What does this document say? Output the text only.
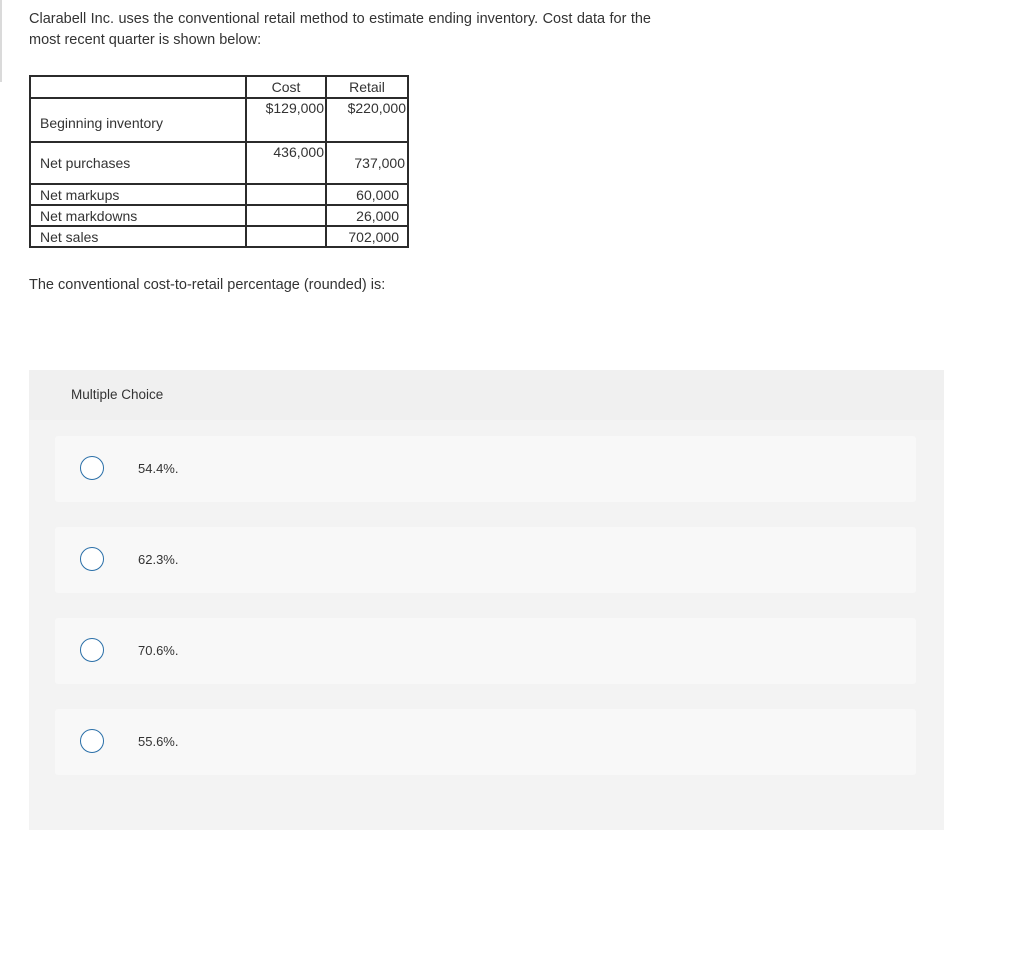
Clarabell Inc. uses the conventional retail method to estimate ending inventory. Cost data for the most recent quarter is shown below:
	Cost	Retail
Beginning inventory	$129,000	$220,000
Net purchases	436,000	737,000
Net markups		60,000
Net markdowns		26,000
Net sales		702,000
The conventional cost-to-retail percentage (rounded) is:
Multiple Choice
54.4%.
62.3%.
70.6%.
55.6%.
